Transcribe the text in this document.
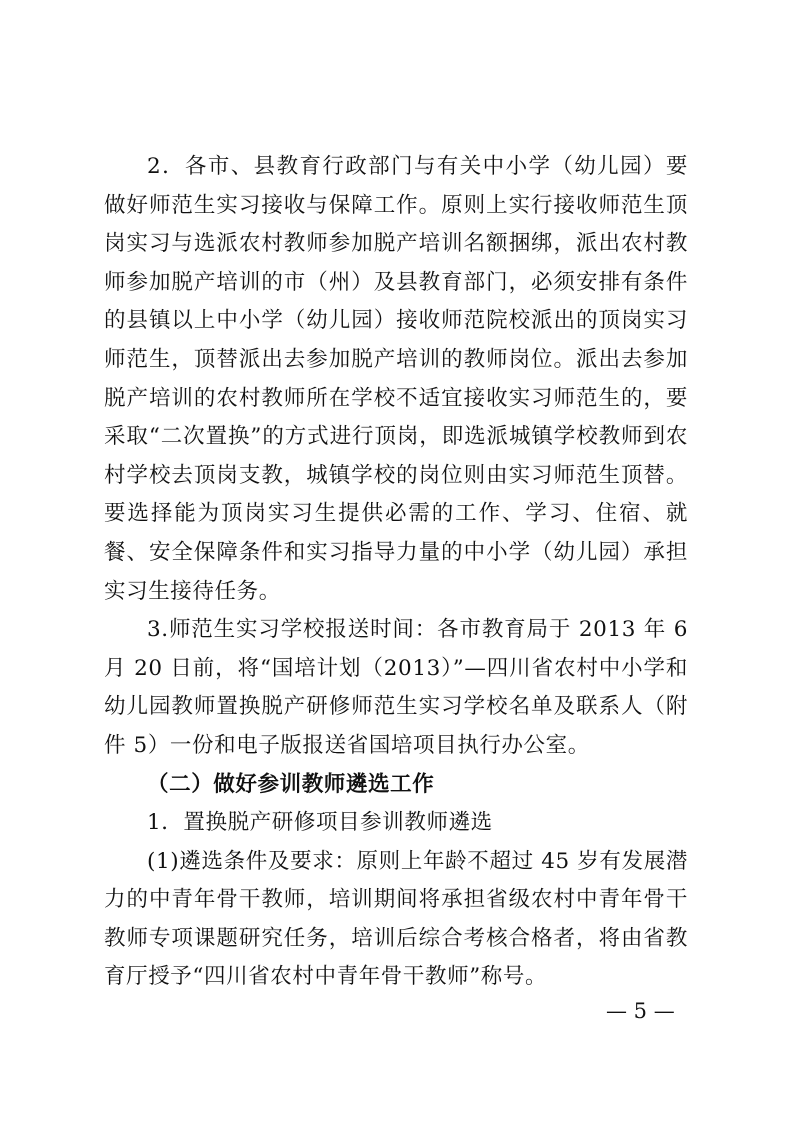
2．各市、县教育行政部门与有关中小学（幼儿园）要做好师范生实习接收与保障工作。原则上实行接收师范生顶岗实习与选派农村教师参加脱产培训名额捆绑，派出农村教师参加脱产培训的市（州）及县教育部门，必须安排有条件的县镇以上中小学（幼儿园）接收师范院校派出的顶岗实习师范生，顶替派出去参加脱产培训的教师岗位。派出去参加脱产培训的农村教师所在学校不适宜接收实习师范生的，要采取“二次置换”的方式进行顶岗，即选派城镇学校教师到农村学校去顶岗支教，城镇学校的岗位则由实习师范生顶替。要选择能为顶岗实习生提供必需的工作、学习、住宿、就餐、安全保障条件和实习指导力量的中小学（幼儿园）承担实习生接待任务。

3.师范生实习学校报送时间：各市教育局于 2013 年 6 月 20 日前，将“国培计划（2013）”—四川省农村中小学和幼儿园教师置换脱产研修师范生实习学校名单及联系人（附件 5）一份和电子版报送省国培项目执行办公室。

（二）做好参训教师遴选工作

1．置换脱产研修项目参训教师遴选

(1)遴选条件及要求：原则上年龄不超过 45 岁有发展潜力的中青年骨干教师，培训期间将承担省级农村中青年骨干教师专项课题研究任务，培训后综合考核合格者，将由省教育厅授予“四川省农村中青年骨干教师”称号。

— 5 —
